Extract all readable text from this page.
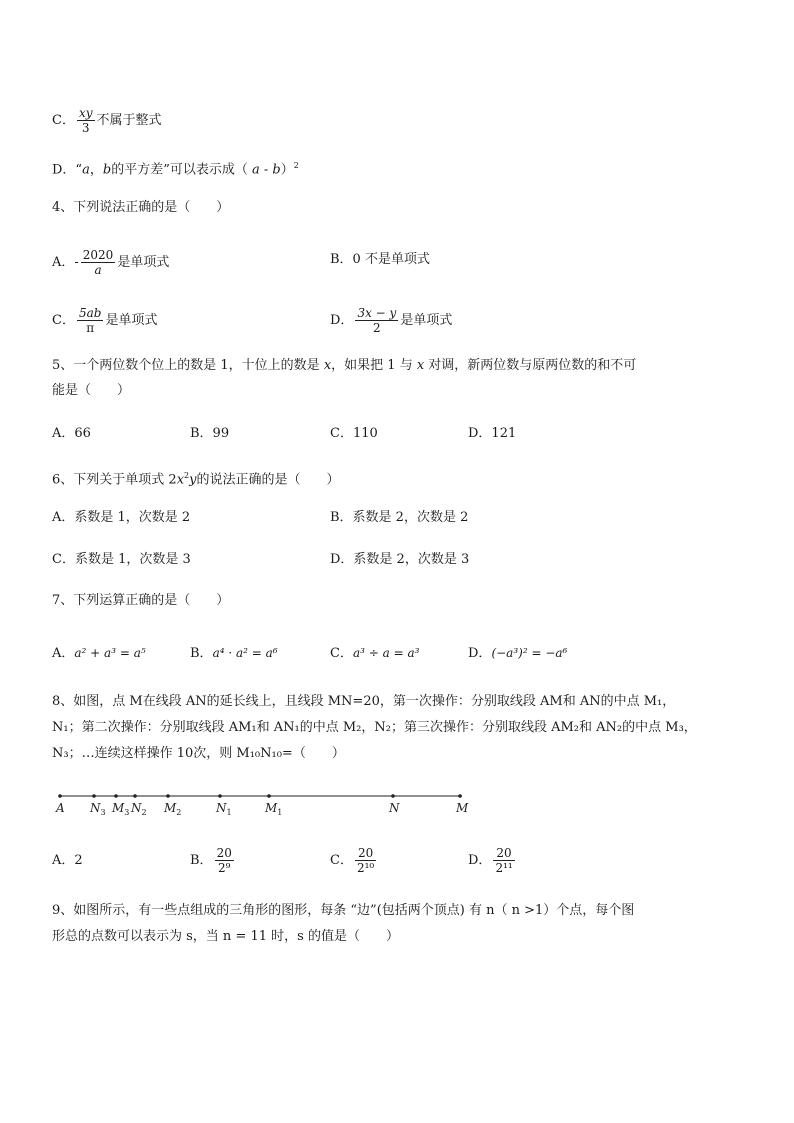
C． $\frac{xy}{3}$ 不属于整式
D．“a，b的平方差”可以表示成（ a - b）$^2$
4、下列说法正确的是（　　）
A．- $\frac{2020}{a}$ 是单项式	B．0 不是单项式
C． $\frac{5ab}{\pi}$ 是单项式	D． $\frac{3x - y}{2}$ 是单项式
5、一个两位数个位上的数是 1，十位上的数是 x，如果把 1 与 x 对调，新两位数与原两位数的和不可
能是（　　）
A．66	B．99	C．110	D．121
6、下列关于单项式 $2x^2y$的说法正确的是（　　）
A．系数是 1，次数是 2	B．系数是 2，次数是 2
C．系数是 1，次数是 3	D．系数是 2，次数是 3
7、下列运算正确的是（　　）
A．a² + a³ = a⁵	B．a⁴ · a² = a⁶	C．a³ ÷ a = a³	D．(−a³)² = −a⁶
8、如图，点 M在线段 AN的延长线上，且线段 MN=20，第一次操作：分别取线段 AM和 AN的中点 M₁，
N₁；第二次操作：分别取线段 AM₁和 AN₁的中点 M₂，N₂；第三次操作：分别取线段 AM₂和 AN₂的中点 M₃，
N₃；…连续这样操作 10次，则 M₁₀N₁₀=（　　）
A $N_3$ $M_3$ $N_2$ $M_2$	$N_1$	$M_1$	N	M
A．2	B． $\frac{20}{\text{2⁹}}$	C． $\frac{20}{\text{2¹⁰}}$	D． $\frac{20}{\text{2¹¹}}$
9、如图所示，有一些点组成的三角形的图形，每条 “边”(包括两个顶点) 有 n（ n >1）个点，每个图
形总的点数可以表示为 s，当 n = 11 时，s 的值是（　　）
